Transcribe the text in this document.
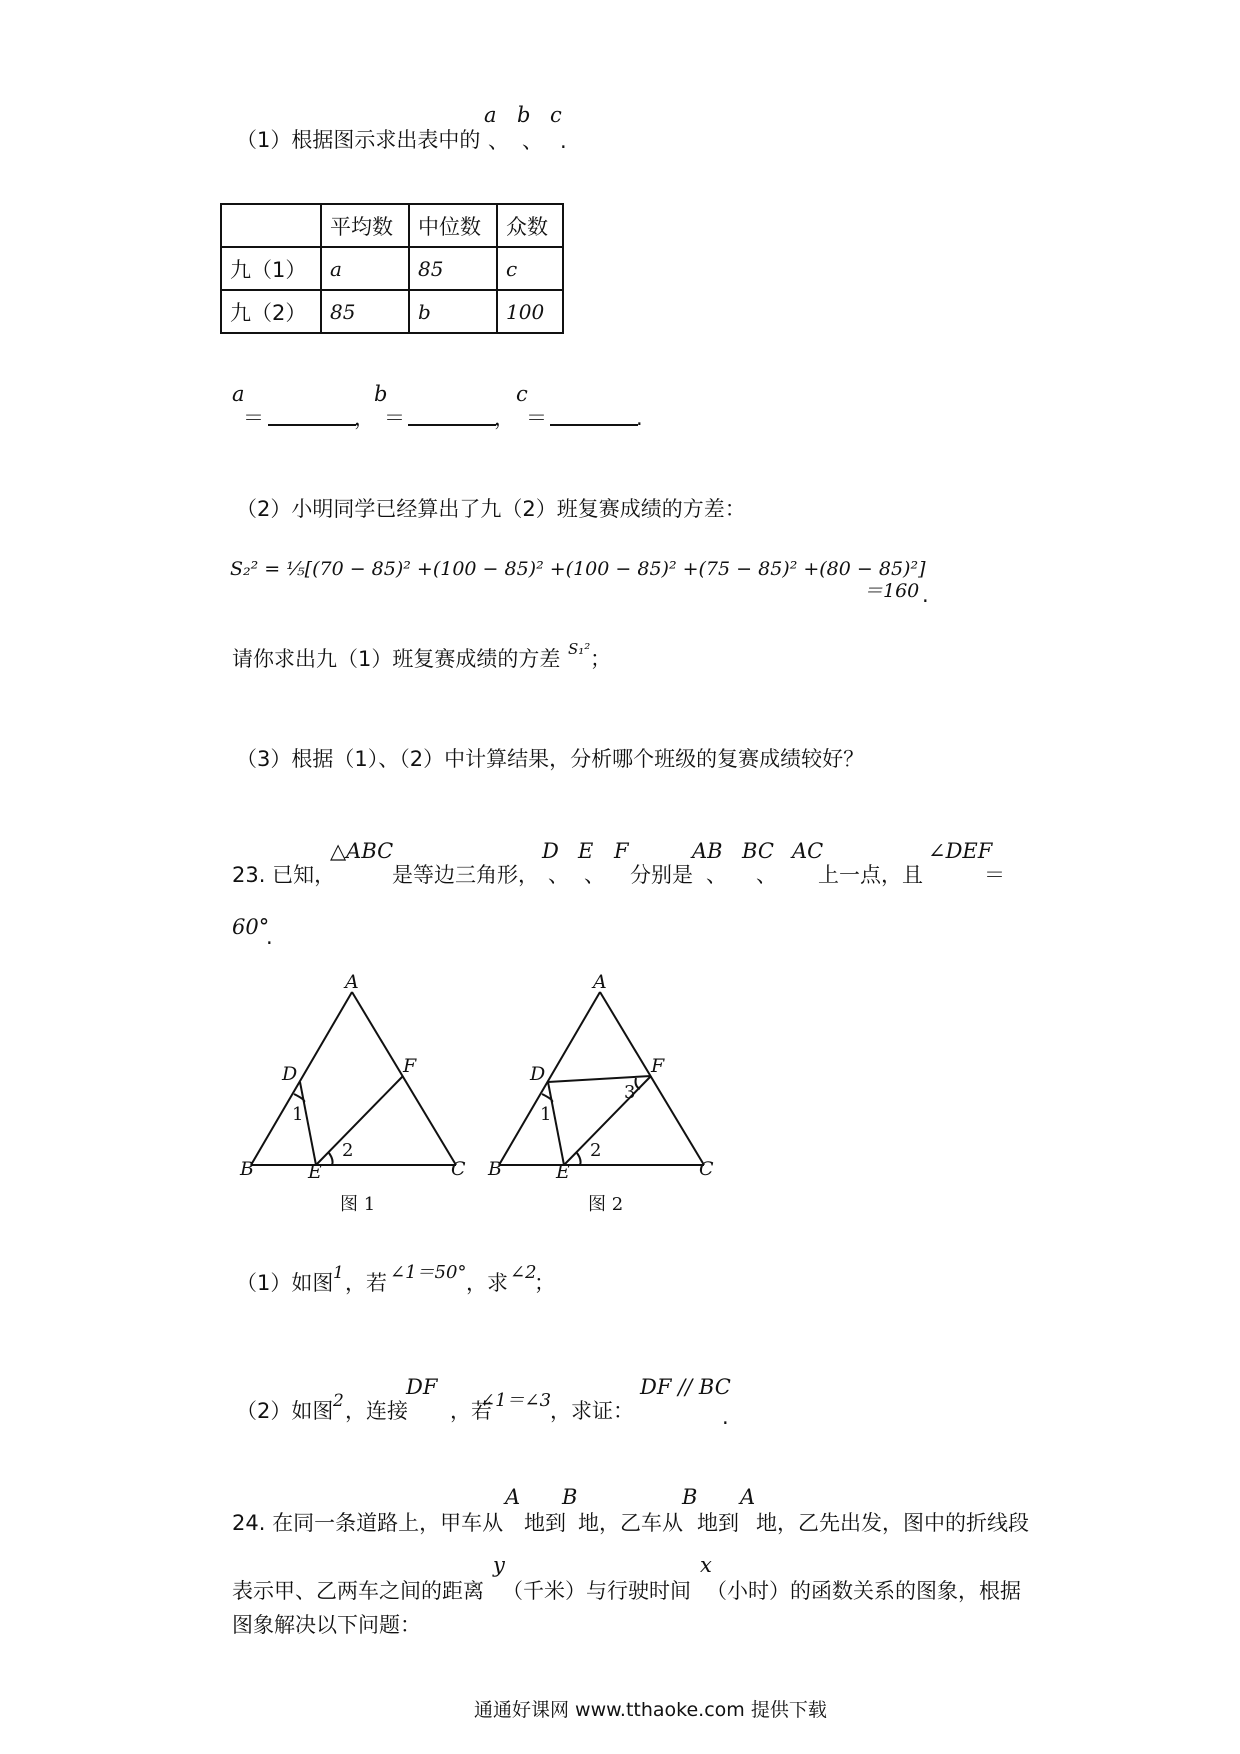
（1）根据图示求出表中的
a b c
、 、 .
	平均数	中位数	众数
九（1）	a	85	c
九（2）	85	b	100
a
＝	，
b
＝	，
c
＝	.
（2）小明同学已经算出了九（2）班复赛成绩的方差：
S₂² = ⅕[(70 − 85)² +(100 − 85)² +(100 − 85)² +(75 − 85)² +(80 − 85)²]
＝160 .
请你求出九（1）班复赛成绩的方差 S₁² ；
（3）根据（1）、（2）中计算结果，分析哪个班级的复赛成绩较好？
23. 已知，
△ABC
是等边三角形，
D E F
、 、 分别是
AB BC AC
、 、 上一点，且
∠DEF
＝
60°
.
A
B	C
D
E
F
A
B	C
D
E
F
1
2
1
2
3
图 1	图 2
（1）如图 1 ，若 ∠1＝50° ，求 ∠2
；
（2）如图 2 ，连接
DF
，若
∠1＝∠3
，求证：
DF // BC
.
24. 在同一条道路上，甲车从
A
地到
B
地，乙车从
B
地到
A
地，乙先出发，图中的折线段
表示甲、乙两车之间的距离
y
（千米）与行驶时间
x
（小时）的函数关系的图象，根据
图象解决以下问题：
通通好课网 www.tthaoke.com 提供下载
